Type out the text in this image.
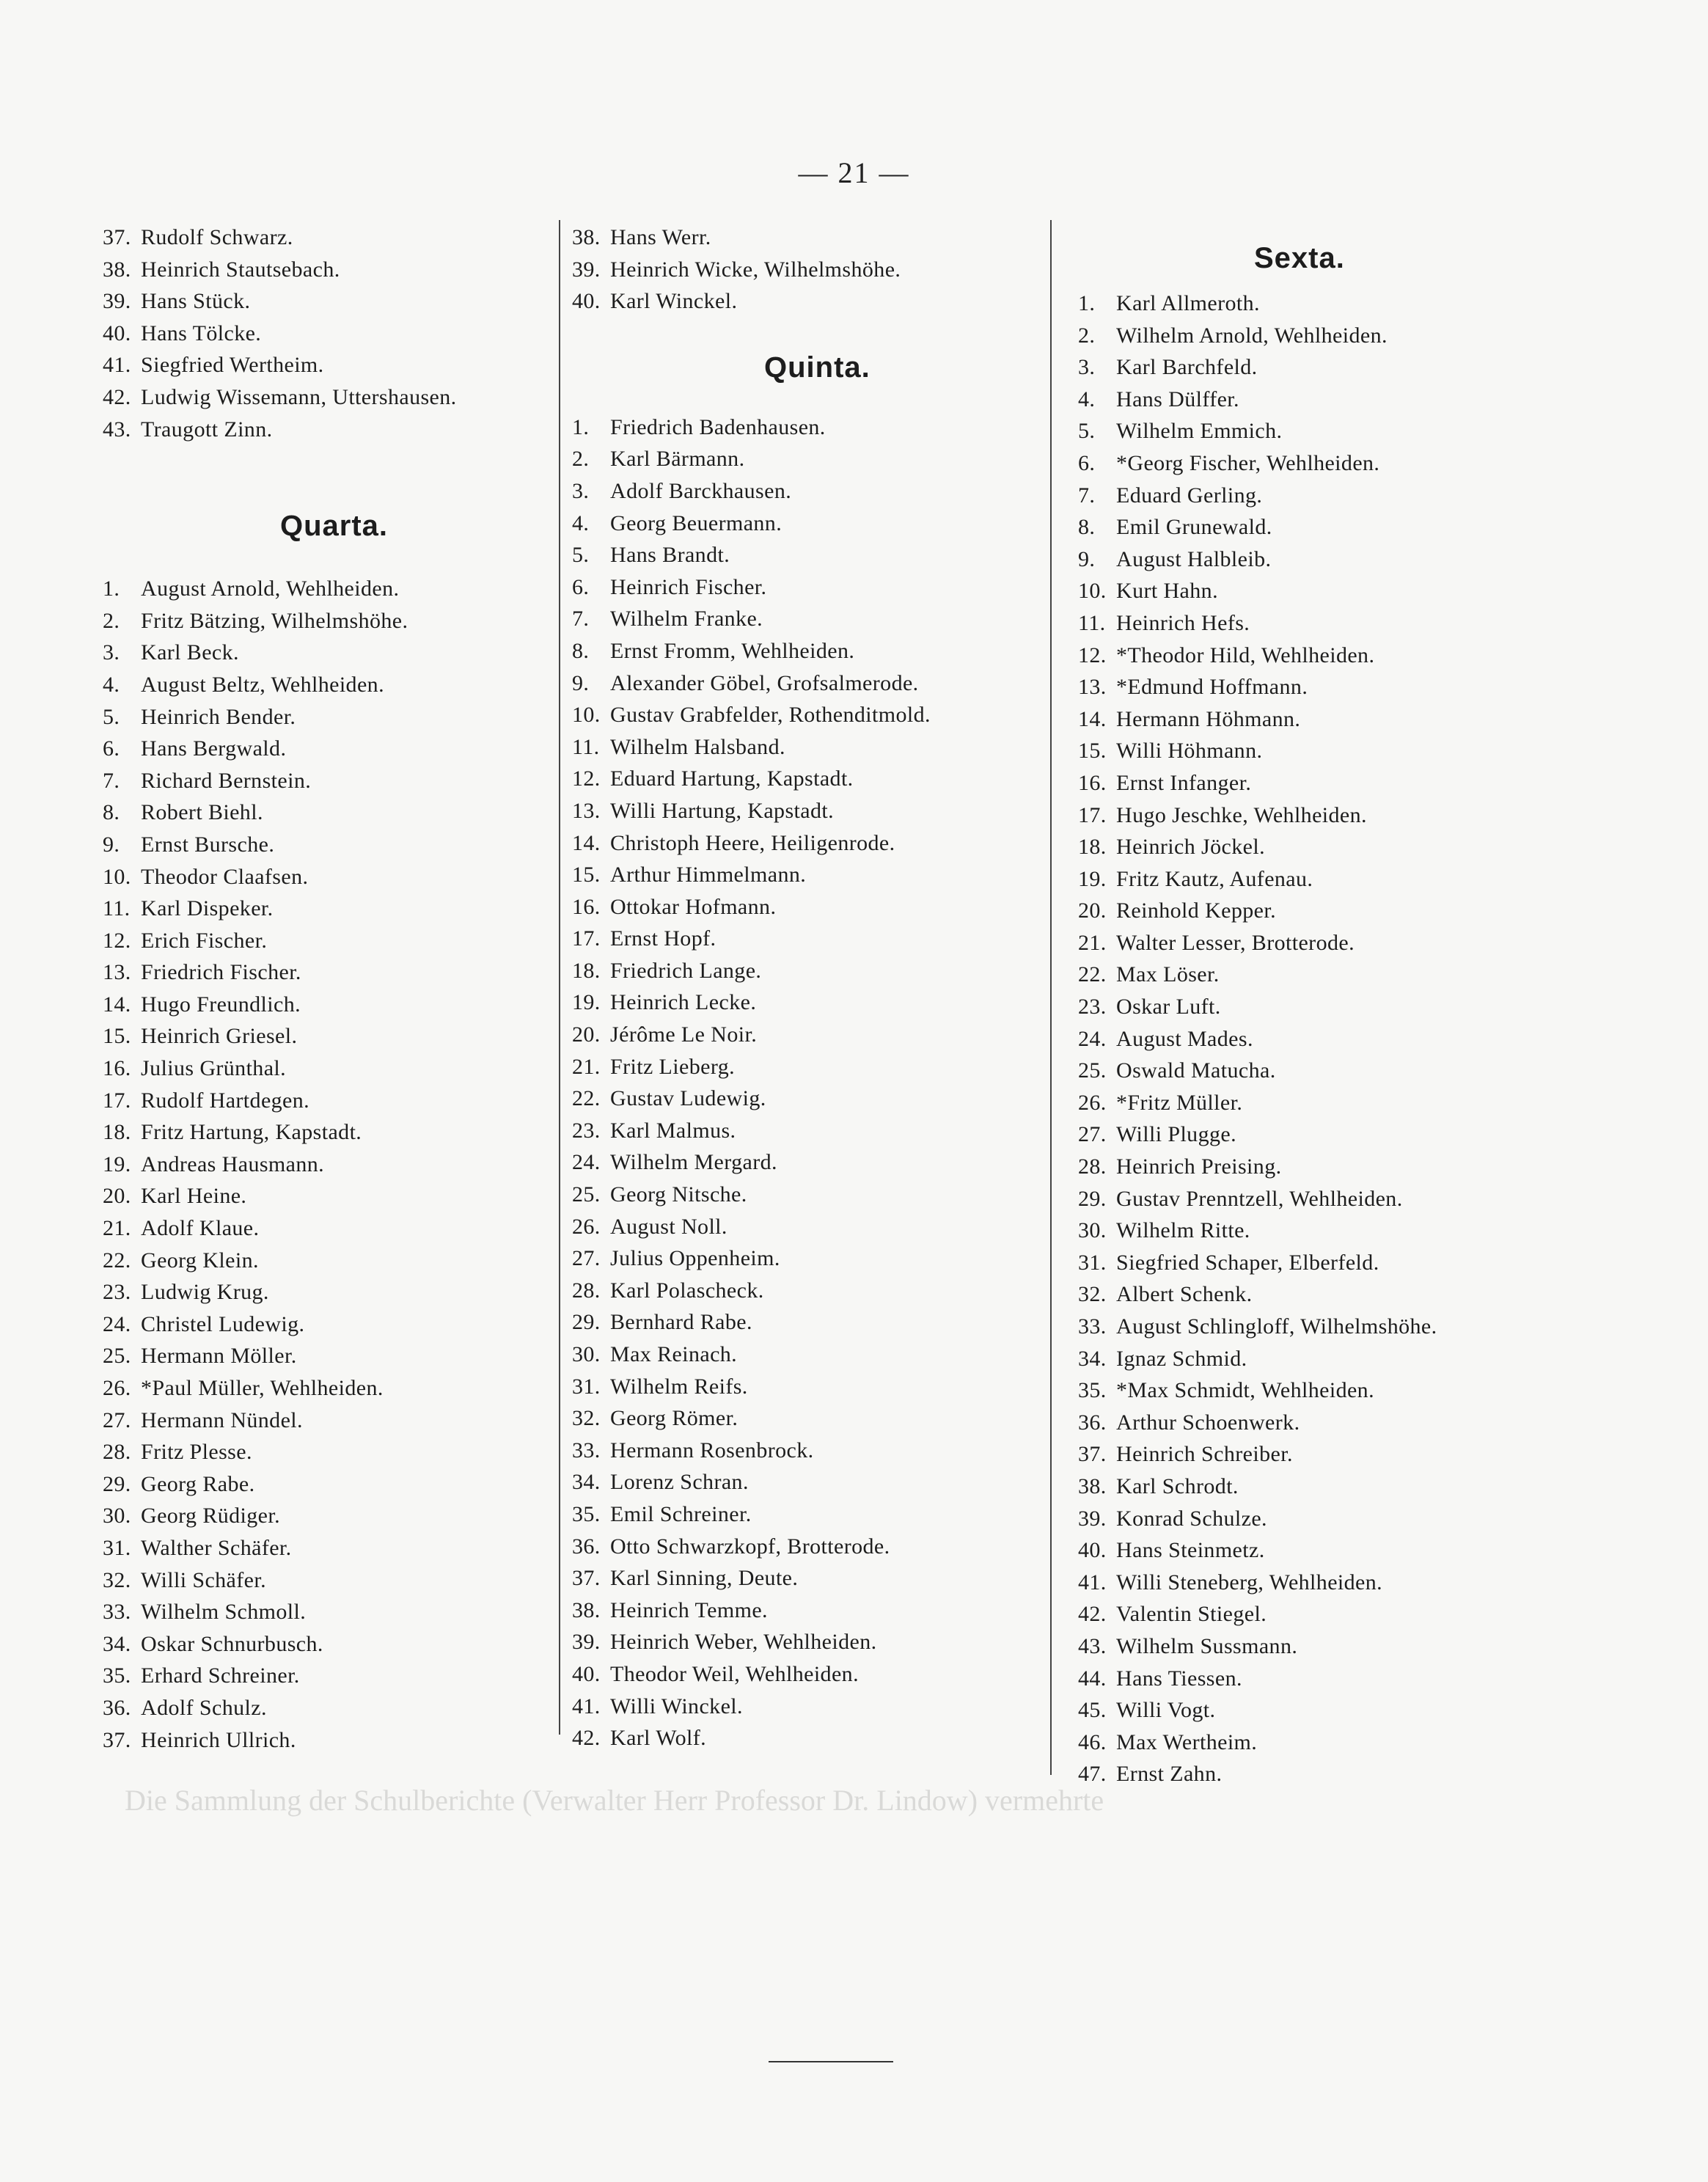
— 21 —
37. Rudolf Schwarz.
38. Heinrich Stautsebach.
39. Hans Stück.
40. Hans Tölcke.
41. Siegfried Wertheim.
42. Ludwig Wissemann, Uttershausen.
43. Traugott Zinn.
Quarta.
1. August Arnold, Wehlheiden.
2. Fritz Bätzing, Wilhelmshöhe.
3. Karl Beck.
4. August Beltz, Wehlheiden.
5. Heinrich Bender.
6. Hans Bergwald.
7. Richard Bernstein.
8. Robert Biehl.
9. Ernst Bursche.
10. Theodor Claafsen.
11. Karl Dispeker.
12. Erich Fischer.
13. Friedrich Fischer.
14. Hugo Freundlich.
15. Heinrich Griesel.
16. Julius Grünthal.
17. Rudolf Hartdegen.
18. Fritz Hartung, Kapstadt.
19. Andreas Hausmann.
20. Karl Heine.
21. Adolf Klaue.
22. Georg Klein.
23. Ludwig Krug.
24. Christel Ludewig.
25. Hermann Möller.
26. *Paul Müller, Wehlheiden.
27. Hermann Nündel.
28. Fritz Plesse.
29. Georg Rabe.
30. Georg Rüdiger.
31. Walther Schäfer.
32. Willi Schäfer.
33. Wilhelm Schmoll.
34. Oskar Schnurbusch.
35. Erhard Schreiner.
36. Adolf Schulz.
37. Heinrich Ullrich.
38. Hans Werr.
39. Heinrich Wicke, Wilhelmshöhe.
40. Karl Winckel.
Quinta.
1. Friedrich Badenhausen.
2. Karl Bärmann.
3. Adolf Barckhausen.
4. Georg Beuermann.
5. Hans Brandt.
6. Heinrich Fischer.
7. Wilhelm Franke.
8. Ernst Fromm, Wehlheiden.
9. Alexander Göbel, Grofsalmerode.
10. Gustav Grabfelder, Rothenditmold.
11. Wilhelm Halsband.
12. Eduard Hartung, Kapstadt.
13. Willi Hartung, Kapstadt.
14. Christoph Heere, Heiligenrode.
15. Arthur Himmelmann.
16. Ottokar Hofmann.
17. Ernst Hopf.
18. Friedrich Lange.
19. Heinrich Lecke.
20. Jérôme Le Noir.
21. Fritz Lieberg.
22. Gustav Ludewig.
23. Karl Malmus.
24. Wilhelm Mergard.
25. Georg Nitsche.
26. August Noll.
27. Julius Oppenheim.
28. Karl Polascheck.
29. Bernhard Rabe.
30. Max Reinach.
31. Wilhelm Reifs.
32. Georg Römer.
33. Hermann Rosenbrock.
34. Lorenz Schran.
35. Emil Schreiner.
36. Otto Schwarzkopf, Brotterode.
37. Karl Sinning, Deute.
38. Heinrich Temme.
39. Heinrich Weber, Wehlheiden.
40. Theodor Weil, Wehlheiden.
41. Willi Winckel.
42. Karl Wolf.
Sexta.
1. Karl Allmeroth.
2. Wilhelm Arnold, Wehlheiden.
3. Karl Barchfeld.
4. Hans Dülffer.
5. Wilhelm Emmich.
6. *Georg Fischer, Wehlheiden.
7. Eduard Gerling.
8. Emil Grunewald.
9. August Halbleib.
10. Kurt Hahn.
11. Heinrich Hefs.
12. *Theodor Hild, Wehlheiden.
13. *Edmund Hoffmann.
14. Hermann Höhmann.
15. Willi Höhmann.
16. Ernst Infanger.
17. Hugo Jeschke, Wehlheiden.
18. Heinrich Jöckel.
19. Fritz Kautz, Aufenau.
20. Reinhold Kepper.
21. Walter Lesser, Brotterode.
22. Max Löser.
23. Oskar Luft.
24. August Mades.
25. Oswald Matucha.
26. *Fritz Müller.
27. Willi Plugge.
28. Heinrich Preising.
29. Gustav Prenntzell, Wehlheiden.
30. Wilhelm Ritte.
31. Siegfried Schaper, Elberfeld.
32. Albert Schenk.
33. August Schlingloff, Wilhelmshöhe.
34. Ignaz Schmid.
35. *Max Schmidt, Wehlheiden.
36. Arthur Schoenwerk.
37. Heinrich Schreiber.
38. Karl Schrodt.
39. Konrad Schulze.
40. Hans Steinmetz.
41. Willi Steneberg, Wehlheiden.
42. Valentin Stiegel.
43. Wilhelm Sussmann.
44. Hans Tiessen.
45. Willi Vogt.
46. Max Wertheim.
47. Ernst Zahn.
Die Sammlung der Schulberichte (Verwalter Herr Professor Dr. Lindow) vermehrte
